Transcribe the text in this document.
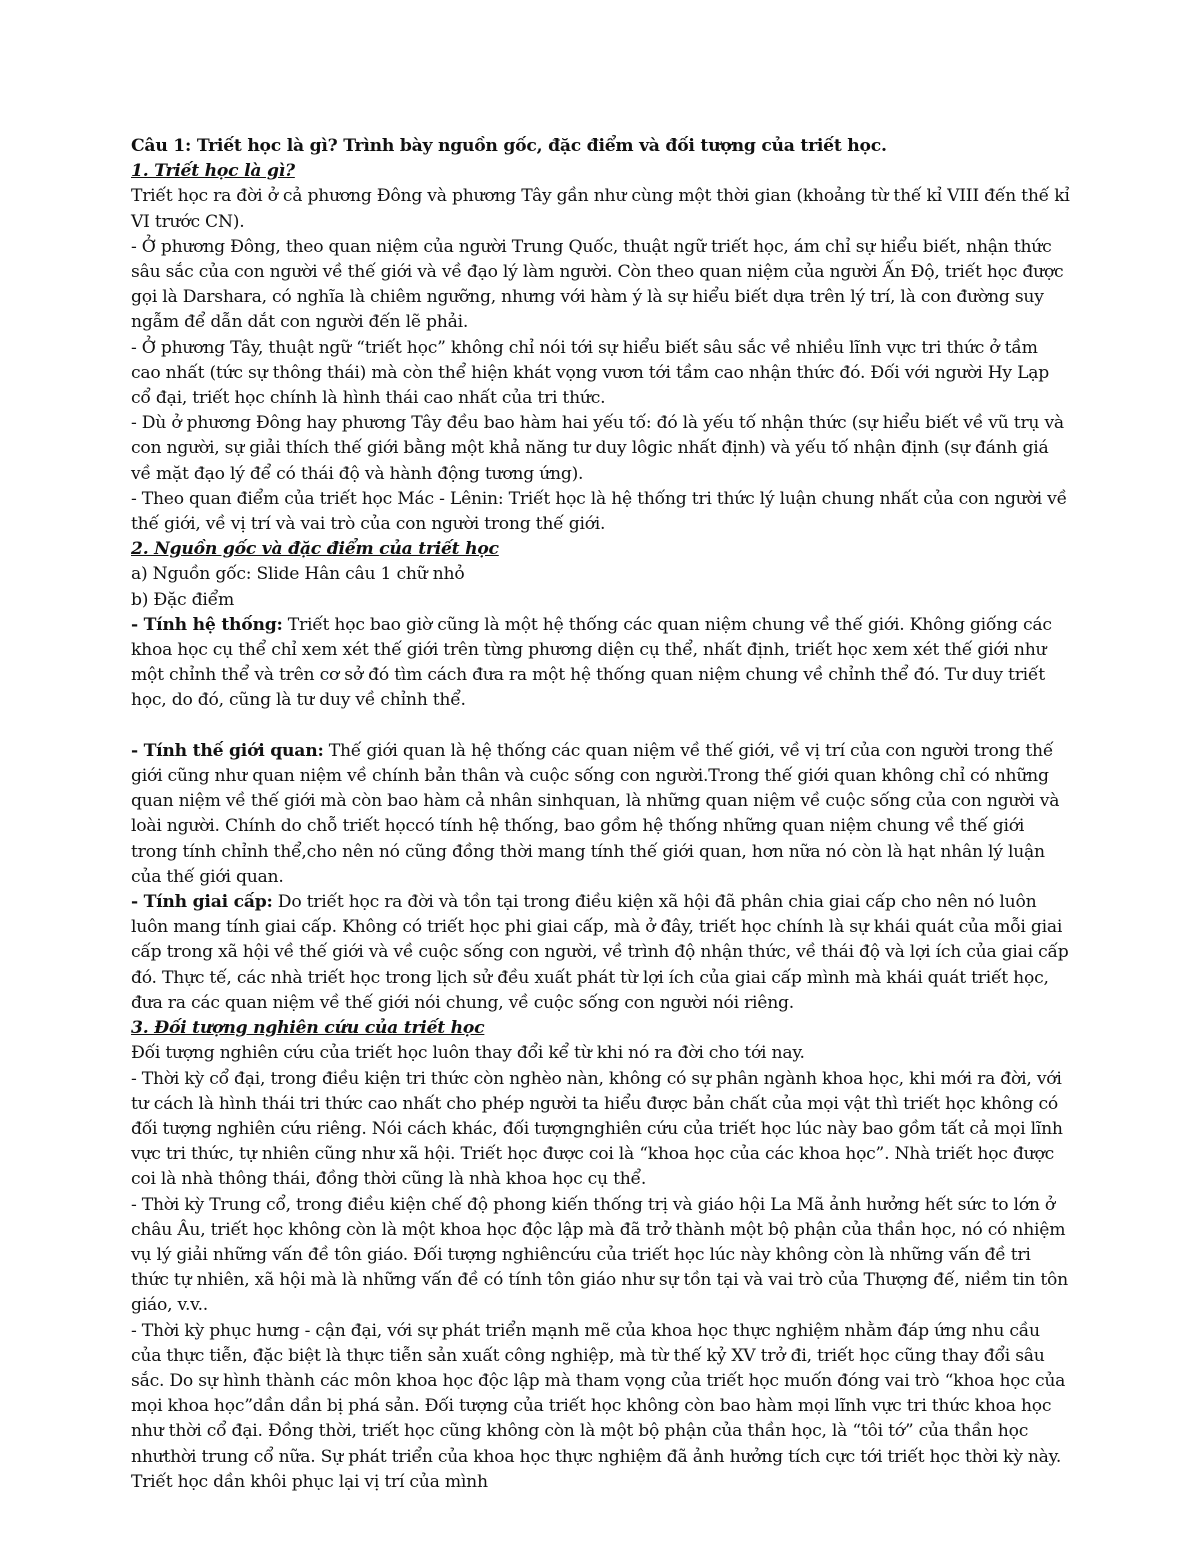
Câu 1: Triết học là gì? Trình bày nguồn gốc, đặc điểm và đối tượng của triết học.

1. Triết học là gì?

Triết học ra đời ở cả phương Đông và phương Tây gần như cùng một thời gian (khoảng từ thế kỉ VIII đến thế kỉ VI trước CN).

- Ở phương Đông, theo quan niệm của người Trung Quốc, thuật ngữ triết học, ám chỉ sự hiểu biết, nhận thức sâu sắc của con người về thế giới và về đạo lý làm người. Còn theo quan niệm của người Ấn Độ, triết học được gọi là Darshara, có nghĩa là chiêm ngưỡng, nhưng với hàm ý là sự hiểu biết dựa trên lý trí, là con đường suy ngẫm để dẫn dắt con người đến lẽ phải.

- Ở phương Tây, thuật ngữ “triết học” không chỉ nói tới sự hiểu biết sâu sắc về nhiều lĩnh vực tri thức ở tầm cao nhất (tức sự thông thái) mà còn thể hiện khát vọng vươn tới tầm cao nhận thức đó. Đối với người Hy Lạp cổ đại, triết học chính là hình thái cao nhất của tri thức.

- Dù ở phương Đông hay phương Tây đều bao hàm hai yếu tố: đó là yếu tố nhận thức (sự hiểu biết về vũ trụ và con người, sự giải thích thế giới bằng một khả năng tư duy lôgic nhất định) và yếu tố nhận định (sự đánh giá về mặt đạo lý để có thái độ và hành động tương ứng).

- Theo quan điểm của triết học Mác - Lênin: Triết học là hệ thống tri thức lý luận chung nhất của con người về thế giới, về vị trí và vai trò của con người trong thế giới.

2. Nguồn gốc và đặc điểm của triết học

a) Nguồn gốc: Slide Hân câu 1 chữ nhỏ

b) Đặc điểm

- Tính hệ thống: Triết học bao giờ cũng là một hệ thống các quan niệm chung về thế giới. Không giống các khoa học cụ thể chỉ xem xét thế giới trên từng phương diện cụ thể, nhất định, triết học xem xét thế giới như một chỉnh thể và trên cơ sở đó tìm cách đưa ra một hệ thống quan niệm chung về chỉnh thể đó. Tư duy triết học, do đó, cũng là tư duy về chỉnh thể.

- Tính thế giới quan: Thế giới quan là hệ thống các quan niệm về thế giới, về vị trí của con người trong thế giới cũng như quan niệm về chính bản thân và cuộc sống con người.Trong thế giới quan không chỉ có những quan niệm về thế giới mà còn bao hàm cả nhân sinhquan, là những quan niệm về cuộc sống của con người và loài người. Chính do chỗ triết họccó tính hệ thống, bao gồm hệ thống những quan niệm chung về thế giới trong tính chỉnh thể,cho nên nó cũng đồng thời mang tính thế giới quan, hơn nữa nó còn là hạt nhân lý luận của thế giới quan.

- Tính giai cấp: Do triết học ra đời và tồn tại trong điều kiện xã hội đã phân chia giai cấp cho nên nó luôn luôn mang tính giai cấp. Không có triết học phi giai cấp, mà ở đây, triết học chính là sự khái quát của mỗi giai cấp trong xã hội về thế giới và về cuộc sống con người, về trình độ nhận thức, về thái độ và lợi ích của giai cấp đó. Thực tế, các nhà triết học trong lịch sử đều xuất phát từ lợi ích của giai cấp mình mà khái quát triết học, đưa ra các quan niệm về thế giới nói chung, về cuộc sống con người nói riêng.

3. Đối tượng nghiên cứu của triết học

Đối tượng nghiên cứu của triết học luôn thay đổi kể từ khi nó ra đời cho tới nay.

- Thời kỳ cổ đại, trong điều kiện tri thức còn nghèo nàn, không có sự phân ngành khoa học, khi mới ra đời, với tư cách là hình thái tri thức cao nhất cho phép người ta hiểu được bản chất của mọi vật thì triết học không có đối tượng nghiên cứu riêng. Nói cách khác, đối tượngnghiên cứu của triết học lúc này bao gồm tất cả mọi lĩnh vực tri thức, tự nhiên cũng như xã hội. Triết học được coi là “khoa học của các khoa học”. Nhà triết học được coi là nhà thông thái, đồng thời cũng là nhà khoa học cụ thể.

- Thời kỳ Trung cổ, trong điều kiện chế độ phong kiến thống trị và giáo hội La Mã ảnh hưởng hết sức to lớn ở châu Âu, triết học không còn là một khoa học độc lập mà đã trở thành một bộ phận của thần học, nó có nhiệm vụ lý giải những vấn đề tôn giáo. Đối tượng nghiêncứu của triết học lúc này không còn là những vấn đề tri thức tự nhiên, xã hội mà là những vấn đề có tính tôn giáo như sự tồn tại và vai trò của Thượng đế, niềm tin tôn giáo, v.v..

- Thời kỳ phục hưng - cận đại, với sự phát triển mạnh mẽ của khoa học thực nghiệm nhằm đáp ứng nhu cầu của thực tiễn, đặc biệt là thực tiễn sản xuất công nghiệp, mà từ thế kỷ XV trở đi, triết học cũng thay đổi sâu sắc. Do sự hình thành các môn khoa học độc lập mà tham vọng của triết học muốn đóng vai trò “khoa học của mọi khoa học”dần dần bị phá sản. Đối tượng của triết học không còn bao hàm mọi lĩnh vực tri thức khoa học như thời cổ đại. Đồng thời, triết học cũng không còn là một bộ phận của thần học, là “tôi tớ” của thần học nhưthời trung cổ nữa. Sự phát triển của khoa học thực nghiệm đã ảnh hưởng tích cực tới triết học thời kỳ này. Triết học dần khôi phục lại vị trí của mình
